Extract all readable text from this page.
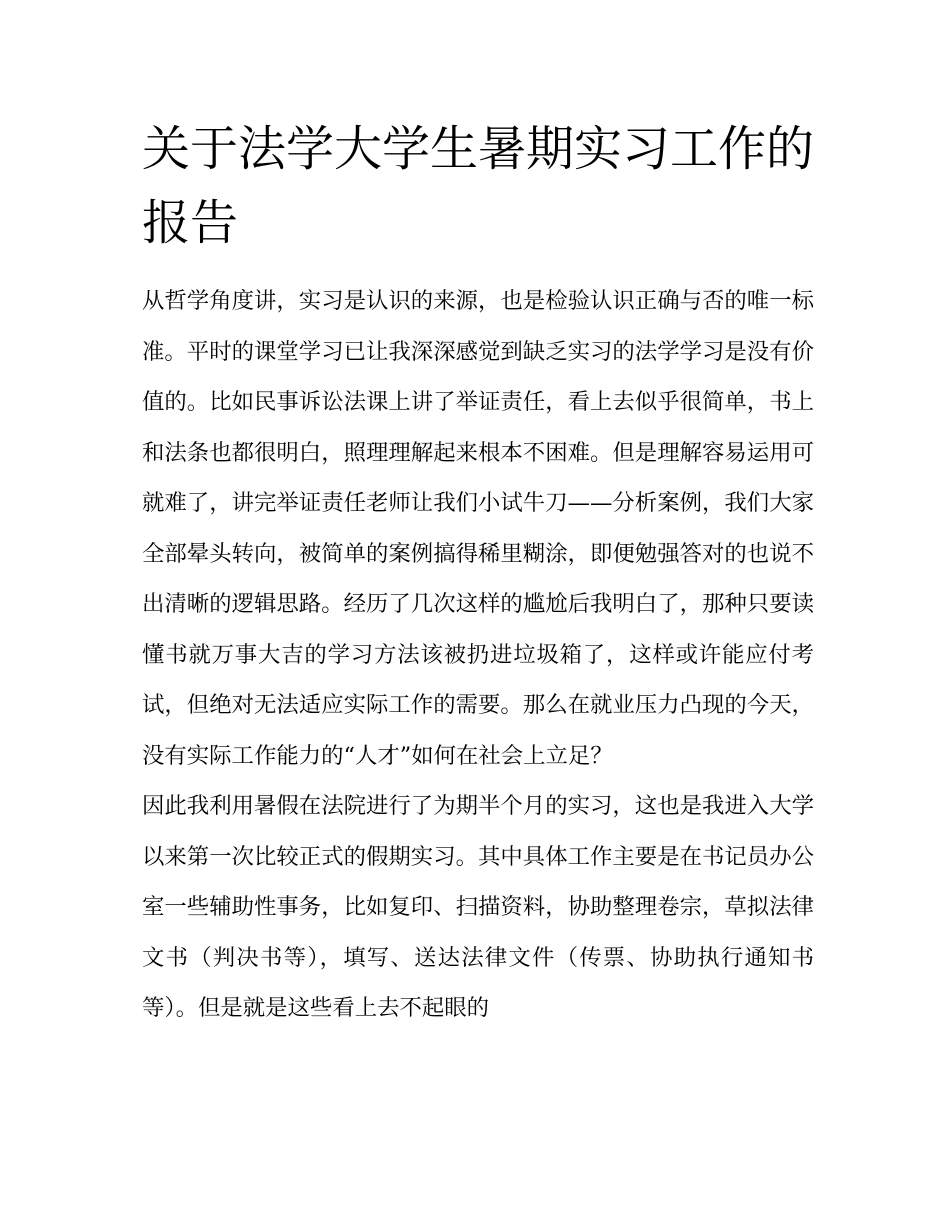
关于法学大学生暑期实习工作的报告

从哲学角度讲，实习是认识的来源，也是检验认识正确与否的唯一标准。平时的课堂学习已让我深深感觉到缺乏实习的法学学习是没有价值的。比如民事诉讼法课上讲了举证责任，看上去似乎很简单，书上和法条也都很明白，照理理解起来根本不困难。但是理解容易运用可就难了，讲完举证责任老师让我们小试牛刀——分析案例，我们大家全部晕头转向，被简单的案例搞得稀里糊涂，即便勉强答对的也说不出清晰的逻辑思路。经历了几次这样的尴尬后我明白了，那种只要读懂书就万事大吉的学习方法该被扔进垃圾箱了，这样或许能应付考试，但绝对无法适应实际工作的需要。那么在就业压力凸现的今天，没有实际工作能力的“人才”如何在社会上立足？

因此我利用暑假在法院进行了为期半个月的实习，这也是我进入大学以来第一次比较正式的假期实习。其中具体工作主要是在书记员办公室一些辅助性事务，比如复印、扫描资料，协助整理卷宗，草拟法律文书（判决书等），填写、送达法律文件（传票、协助执行通知书等）。但是就是这些看上去不起眼的
